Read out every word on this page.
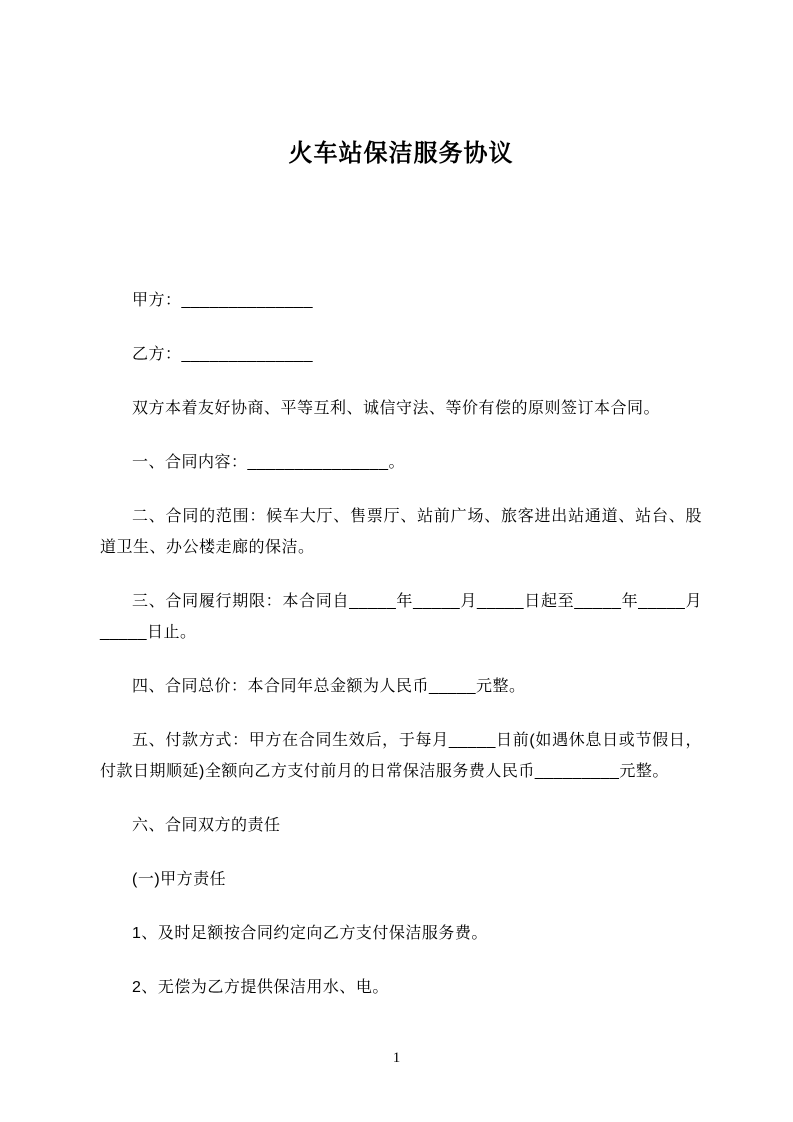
火车站保洁服务协议

甲方：______________

乙方：______________

双方本着友好协商、平等互利、诚信守法、等价有偿的原则签订本合同。

一、合同内容：_______________。

二、合同的范围：候车大厅、售票厅、站前广场、旅客进出站通道、站台、股道卫生、办公楼走廊的保洁。

三、合同履行期限：本合同自_____年_____月_____日起至_____年_____月_____日止。

四、合同总价：本合同年总金额为人民币_____元整。

五、付款方式：甲方在合同生效后，于每月_____日前(如遇休息日或节假日，付款日期顺延)全额向乙方支付前月的日常保洁服务费人民币_________元整。

六、合同双方的责任

(一)甲方责任

1、及时足额按合同约定向乙方支付保洁服务费。

2、无偿为乙方提供保洁用水、电。

1
